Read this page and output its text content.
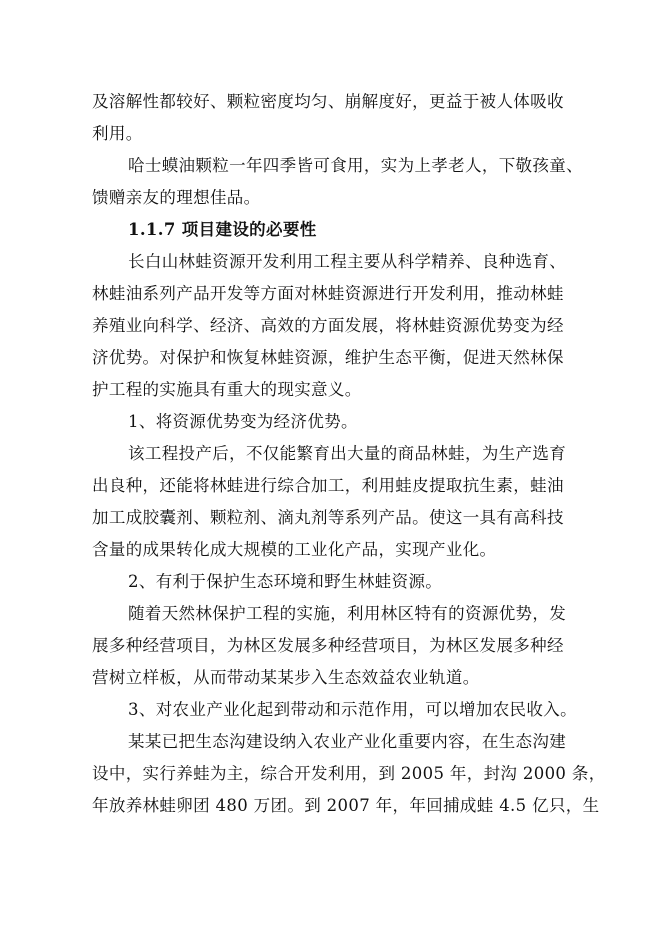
及溶解性都较好、颗粒密度均匀、崩解度好，更益于被人体吸收
利用。
哈士蟆油颗粒一年四季皆可食用，实为上孝老人，下敬孩童、
馈赠亲友的理想佳品。
1.1.7 项目建设的必要性
长白山林蛙资源开发利用工程主要从科学精养、良种选育、
林蛙油系列产品开发等方面对林蛙资源进行开发利用，推动林蛙
养殖业向科学、经济、高效的方面发展，将林蛙资源优势变为经
济优势。对保护和恢复林蛙资源，维护生态平衡，促进天然林保
护工程的实施具有重大的现实意义。
1、将资源优势变为经济优势。
该工程投产后，不仅能繁育出大量的商品林蛙，为生产选育
出良种，还能将林蛙进行综合加工，利用蛙皮提取抗生素，蛙油
加工成胶囊剂、颗粒剂、滴丸剂等系列产品。使这一具有高科技
含量的成果转化成大规模的工业化产品，实现产业化。
2、有利于保护生态环境和野生林蛙资源。
随着天然林保护工程的实施，利用林区特有的资源优势，发
展多种经营项目，为林区发展多种经营项目，为林区发展多种经
营树立样板，从而带动某某步入生态效益农业轨道。
3、对农业产业化起到带动和示范作用，可以增加农民收入。
某某已把生态沟建设纳入农业产业化重要内容，在生态沟建
设中，实行养蛙为主，综合开发利用，到 2005 年，封沟 2000 条，
年放养林蛙卵团 480 万团。到 2007 年，年回捕成蛙 4.5 亿只，生
